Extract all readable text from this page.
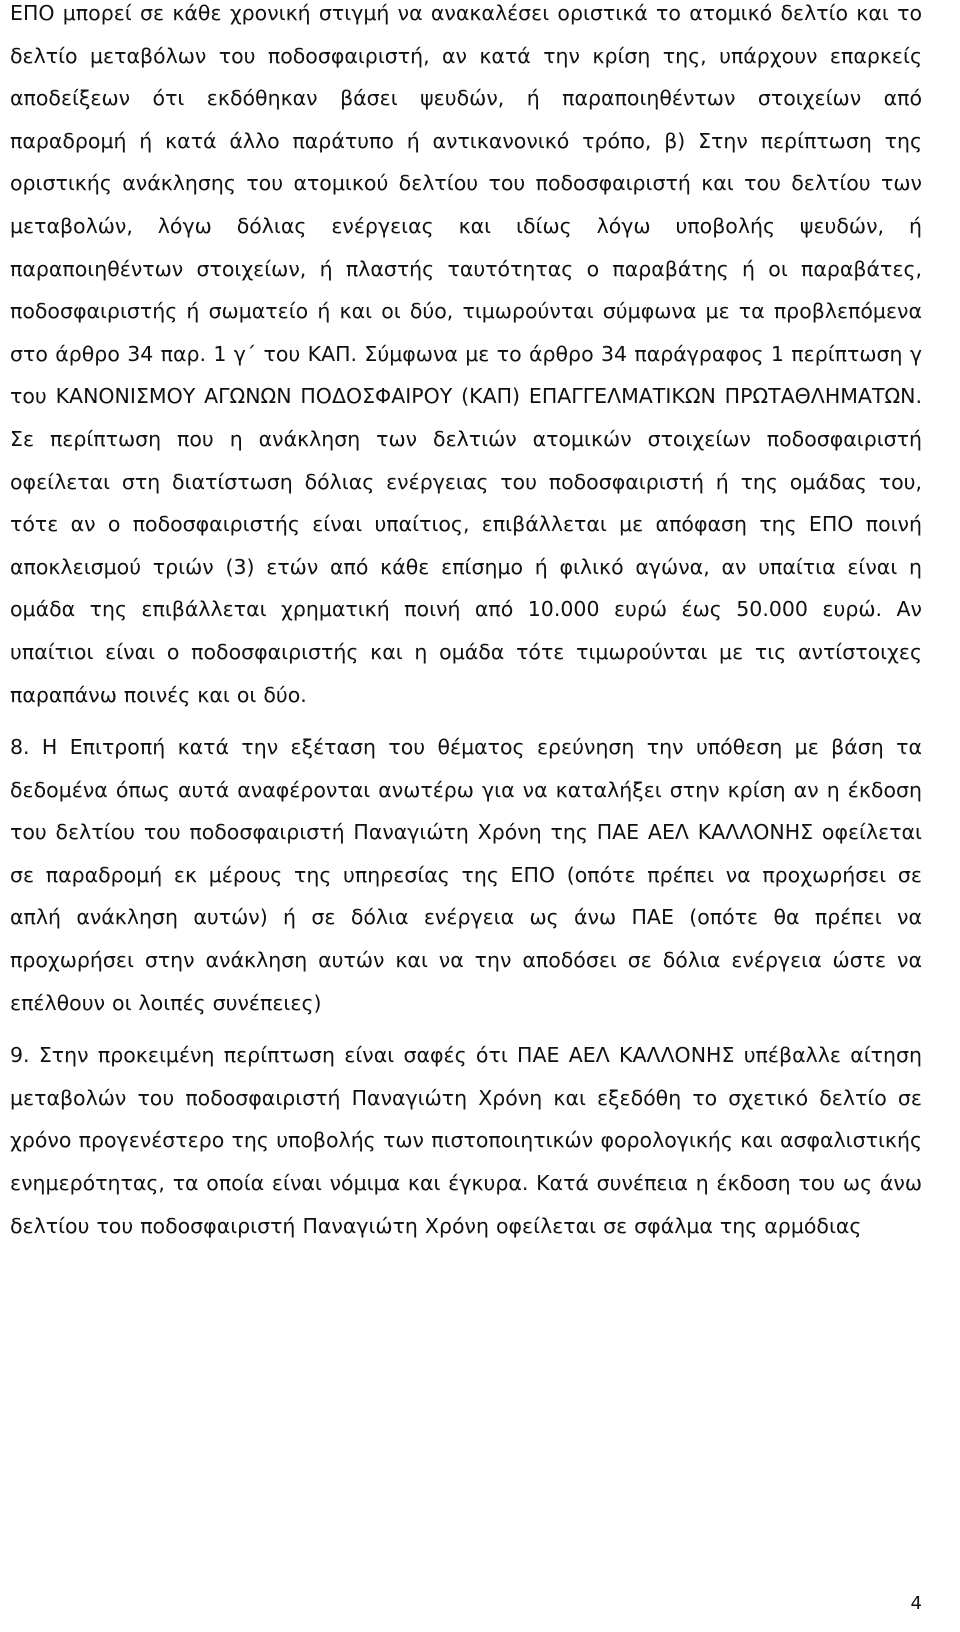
ΕΠΟ μπορεί σε κάθε χρονική στιγμή να ανακαλέσει οριστικά το ατομικό δελτίο και το δελτίο μεταβόλων του ποδοσφαιριστή, αν κατά την κρίση της, υπάρχουν επαρκείς αποδείξεων ότι εκδόθηκαν βάσει ψευδών, ή παραποιηθέντων στοιχείων από παραδρομή ή κατά άλλο παράτυπο ή αντικανονικό τρόπο, β) Στην περίπτωση της οριστικής ανάκλησης του ατομικού δελτίου του ποδοσφαιριστή και του δελτίου των μεταβολών, λόγω δόλιας ενέργειας και ιδίως λόγω υποβολής ψευδών, ή παραποιηθέντων στοιχείων, ή πλαστής ταυτότητας ο παραβάτης ή οι παραβάτες, ποδοσφαιριστής ή σωματείο ή και οι δύο, τιμωρούνται σύμφωνα με τα προβλεπόμενα στο άρθρο 34 παρ. 1 γ΄ του ΚΑΠ. Σύμφωνα με το άρθρο 34 παράγραφος 1 περίπτωση γ του ΚΑΝΟΝΙΣΜΟΥ ΑΓΩΝΩΝ ΠΟΔΟΣΦΑΙΡΟΥ (ΚΑΠ) ΕΠΑΓΓΕΛΜΑΤΙΚΩΝ ΠΡΩΤΑΘΛΗΜΑΤΩΝ. Σε περίπτωση που η ανάκληση των δελτιών ατομικών στοιχείων ποδοσφαιριστή οφείλεται στη διατίστωση δόλιας ενέργειας του ποδοσφαιριστή ή της ομάδας του, τότε αν ο ποδοσφαιριστής είναι υπαίτιος, επιβάλλεται με απόφαση της ΕΠΟ ποινή αποκλεισμού τριών (3) ετών από κάθε επίσημο ή φιλικό αγώνα, αν υπαίτια είναι η ομάδα της επιβάλλεται χρηματική ποινή από 10.000 ευρώ έως 50.000 ευρώ. Αν υπαίτιοι είναι ο ποδοσφαιριστής και η ομάδα τότε τιμωρούνται με τις αντίστοιχες παραπάνω ποινές και οι δύο.

8. Η Επιτροπή κατά την εξέταση του θέματος ερεύνηση την υπόθεση με βάση τα δεδομένα όπως αυτά αναφέρονται ανωτέρω για να καταλήξει στην κρίση αν η έκδοση του δελτίου του ποδοσφαιριστή Παναγιώτη Χρόνη της ΠΑΕ ΑΕΛ ΚΑΛΛΟΝΗΣ οφείλεται σε παραδρομή εκ μέρους της υπηρεσίας της ΕΠΟ (οπότε πρέπει να προχωρήσει σε απλή ανάκληση αυτών) ή σε δόλια ενέργεια ως άνω ΠΑΕ (οπότε θα πρέπει να προχωρήσει στην ανάκληση αυτών και να την αποδόσει σε δόλια ενέργεια ώστε να επέλθουν οι λοιπές συνέπειες)

9. Στην προκειμένη περίπτωση είναι σαφές ότι ΠΑΕ ΑΕΛ ΚΑΛΛΟΝΗΣ υπέβαλλε αίτηση μεταβολών του ποδοσφαιριστή Παναγιώτη Χρόνη και εξεδόθη το σχετικό δελτίο σε χρόνο προγενέστερο της υποβολής των πιστοποιητικών φορολογικής και ασφαλιστικής ενημερότητας, τα οποία είναι νόμιμα και έγκυρα. Κατά συνέπεια η έκδοση του ως άνω δελτίου του ποδοσφαιριστή Παναγιώτη Χρόνη οφείλεται σε σφάλμα της αρμόδιας

4
